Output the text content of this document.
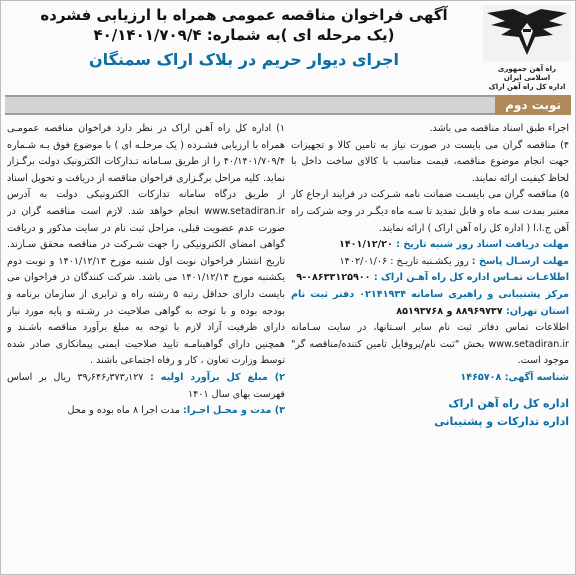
راه آهن جمهوری
اسلامی ایران
اداره کل راه آهن اراک
آگهی فراخوان مناقصه عمومی همراه با ارزیابی فشرده
(یک مرحله ای )به شماره: ۴۰/۱۴۰۱/۷۰۹/۴
اجرای دیوار حریم در بلاک اراک سمنگان
نوبت دوم

۱) اداره کل راه آهـن اراک در نظر دارد فراخوان مناقصه عمومـی همراه با ارزیابی فشـرده ( یک مرحلـه ای ) با موضوع فوق بـه شـماره ۴۰/۱۴۰۱/۷۰۹/۴ را از طریق سـامانه تـدارکات الکترونیک دولت برگـزار نماید. کلیه مراحل برگـزاری فراخوان مناقصه از دریافت و تحویل اسناد از طریق درگاه سامانه تدارکات الکترونیکی دولت به آدرس www.setadiran.ir انجام خواهد شد. لازم است مناقصه گران در صورت عدم عضویت قبلی، مراحل ثبت نام در سایت مذکور و دریافت گواهی امضای الکترونیکی را جهت شـرکت در مناقصه محقق سـازند. تاریخ انتشار فراخوان نوبت اول شنبه مورخ ۱۴۰۱/۱۲/۱۳ و نوبت دوم یکشنبه مورخ ۱۴۰۱/۱۲/۱۴ می باشد. شرکت کنندگان در فراخوان می بایست دارای حداقل رتبه ۵ رشته راه و ترابری از سازمان برنامه و بودجه بوده و با توجه به گواهی صلاحیت در رشـته و پایه مورد نیاز دارای ظرفیت آزاد لازم با توجه به مبلغ برآورد مناقصه باشـند و همچنین دارای گواهینامـه تایید صلاحیت ایمنی پیمانکاری صادر شده توسط وزارت تعاون ، کار و رفاه اجتماعی باشند .

۲) مبلغ کل برآورد اولیه : ۳۹٫۶۴۶٫۳۷۳٫۱۲۷ ریال بر اساس فهرست بهای سال ۱۴۰۱

۳) مدت و محـل اجـرا: مدت اجرا ۸ ماه بوده و محل

اجراء طبق اسناد مناقصه می باشد.

۴) مناقصه گران می بایست در صورت نیاز به تامین کالا و تجهیزات جهت انجام موضوع مناقصه، قیمت مناسب با کالای ساخت داخل با لحاظ کیفیت ارائه نمایند.

۵) مناقصه گران می بایسـت ضمانت نامه شـرکت در فرایند ارجاع کار معتبر بمدت سـه ماه و قابل تمدید تا سـه ماه دیگـر در وجه شرکت راه آهن ج.ا.ا ( اداره کل راه آهن اراک ) ارائه نمایند.

مهلت دریافت اسناد روز شنبه تاریخ : ۱۴۰۱/۱۲/۲۰

مهلت ارسـال پاسخ : روز یکشـنبه تاریـخ : ۱۴۰۲/۰۱/۰۶

اطلاعـات تمـاس اداره کل راه آهـن اراک : ۰۸۶۳۳۱۲۵۹۰۰-۹

مرکز پشتیبانی و راهبری سامانه ۰۲۱۴۱۹۳۴ دفتر ثبت نام استان تهران: ۸۸۹۶۹۷۳۷ و ۸۵۱۹۳۷۶۸

اطلاعات تماس دفاتر ثبت نام سایر اسـتانها، در سایت سـامانه www.setadiran.ir بخش "ثبت نام/پروفایل تامین کننده/مناقصه گر" موجود است.

شناسه آگهی: ۱۴۶۵۷۰۸

اداره کل راه آهن اراک
اداره تدارکات و پشتیبانی
